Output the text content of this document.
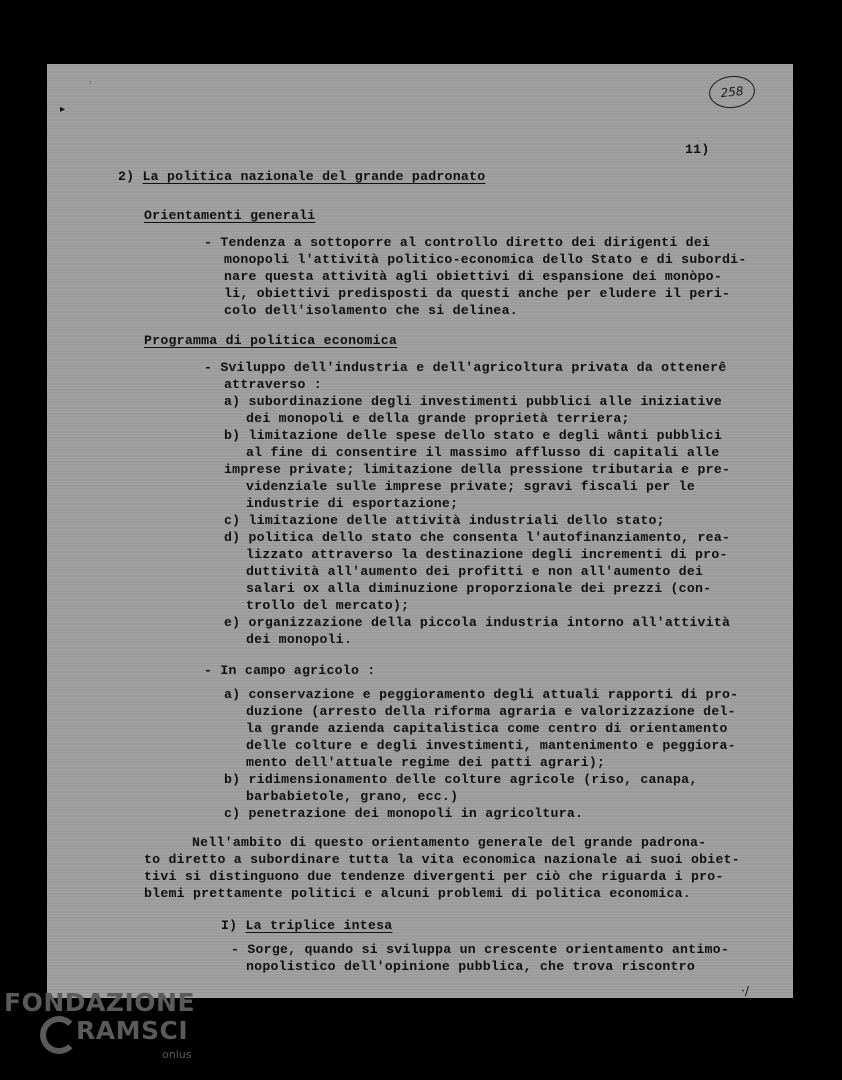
258
▸
·
11)
2) La politica nazionale del grande padronato
Orientamenti generali
- Tendenza a sottoporre al controllo diretto dei dirigenti dei
monopoli l'attività politico-economica dello Stato e di subordi-
nare questa attività agli obiettivi di espansione dei monòpo-
li, obiettivi predisposti da questi anche per eludere il peri-
colo dell'isolamento che si delinea.
Programma di politica economica
- Sviluppo dell'industria e dell'agricoltura privata da ottenerê
attraverso :
a) subordinazione degli investimenti pubblici alle iniziative
dei monopoli e della grande proprietà terriera;
b) limitazione delle spese dello stato e degli wânti pubblici
al fine di consentire il massimo afflusso di capitali alle
imprese private; limitazione della pressione tributaria e pre-
videnziale sulle imprese private; sgravi fiscali per le
industrie di esportazione;
c) limitazione delle attività industriali dello stato;
d) politica dello stato che consenta l'autofinanziamento, rea-
lizzato attraverso la destinazione degli incrementi di pro-
duttività all'aumento dei profitti e non all'aumento dei
salari ox alla diminuzione proporzionale dei prezzi (con-
trollo del mercato);
e) organizzazione della piccola industria intorno all'attività
dei monopoli.
- In campo agricolo :
a) conservazione e peggioramento degli attuali rapporti di pro-
duzione (arresto della riforma agraria e valorizzazione del-
la grande azienda capitalistica come centro di orientamento
delle colture e degli investimenti, mantenimento e peggiora-
mento dell'attuale regime dei patti agrari);
b) ridimensionamento delle colture agricole (riso, canapa,
barbabietole, grano, ecc.)
c) penetrazione dei monopoli in agricoltura.
Nell'ambito di questo orientamento generale del grande padrona-
to diretto a subordinare tutta la vita economica nazionale ai suoi obiet-
tivi si distinguono due tendenze divergenti per ciò che riguarda i pro-
blemi prettamente politici e alcuni problemi di politica economica.
I) La triplice intesa
- Sorge, quando si sviluppa un crescente orientamento antimo-
nopolistico dell'opinione pubblica, che trova riscontro
·/
FONDAZIONE
RAMSCI
onlus
